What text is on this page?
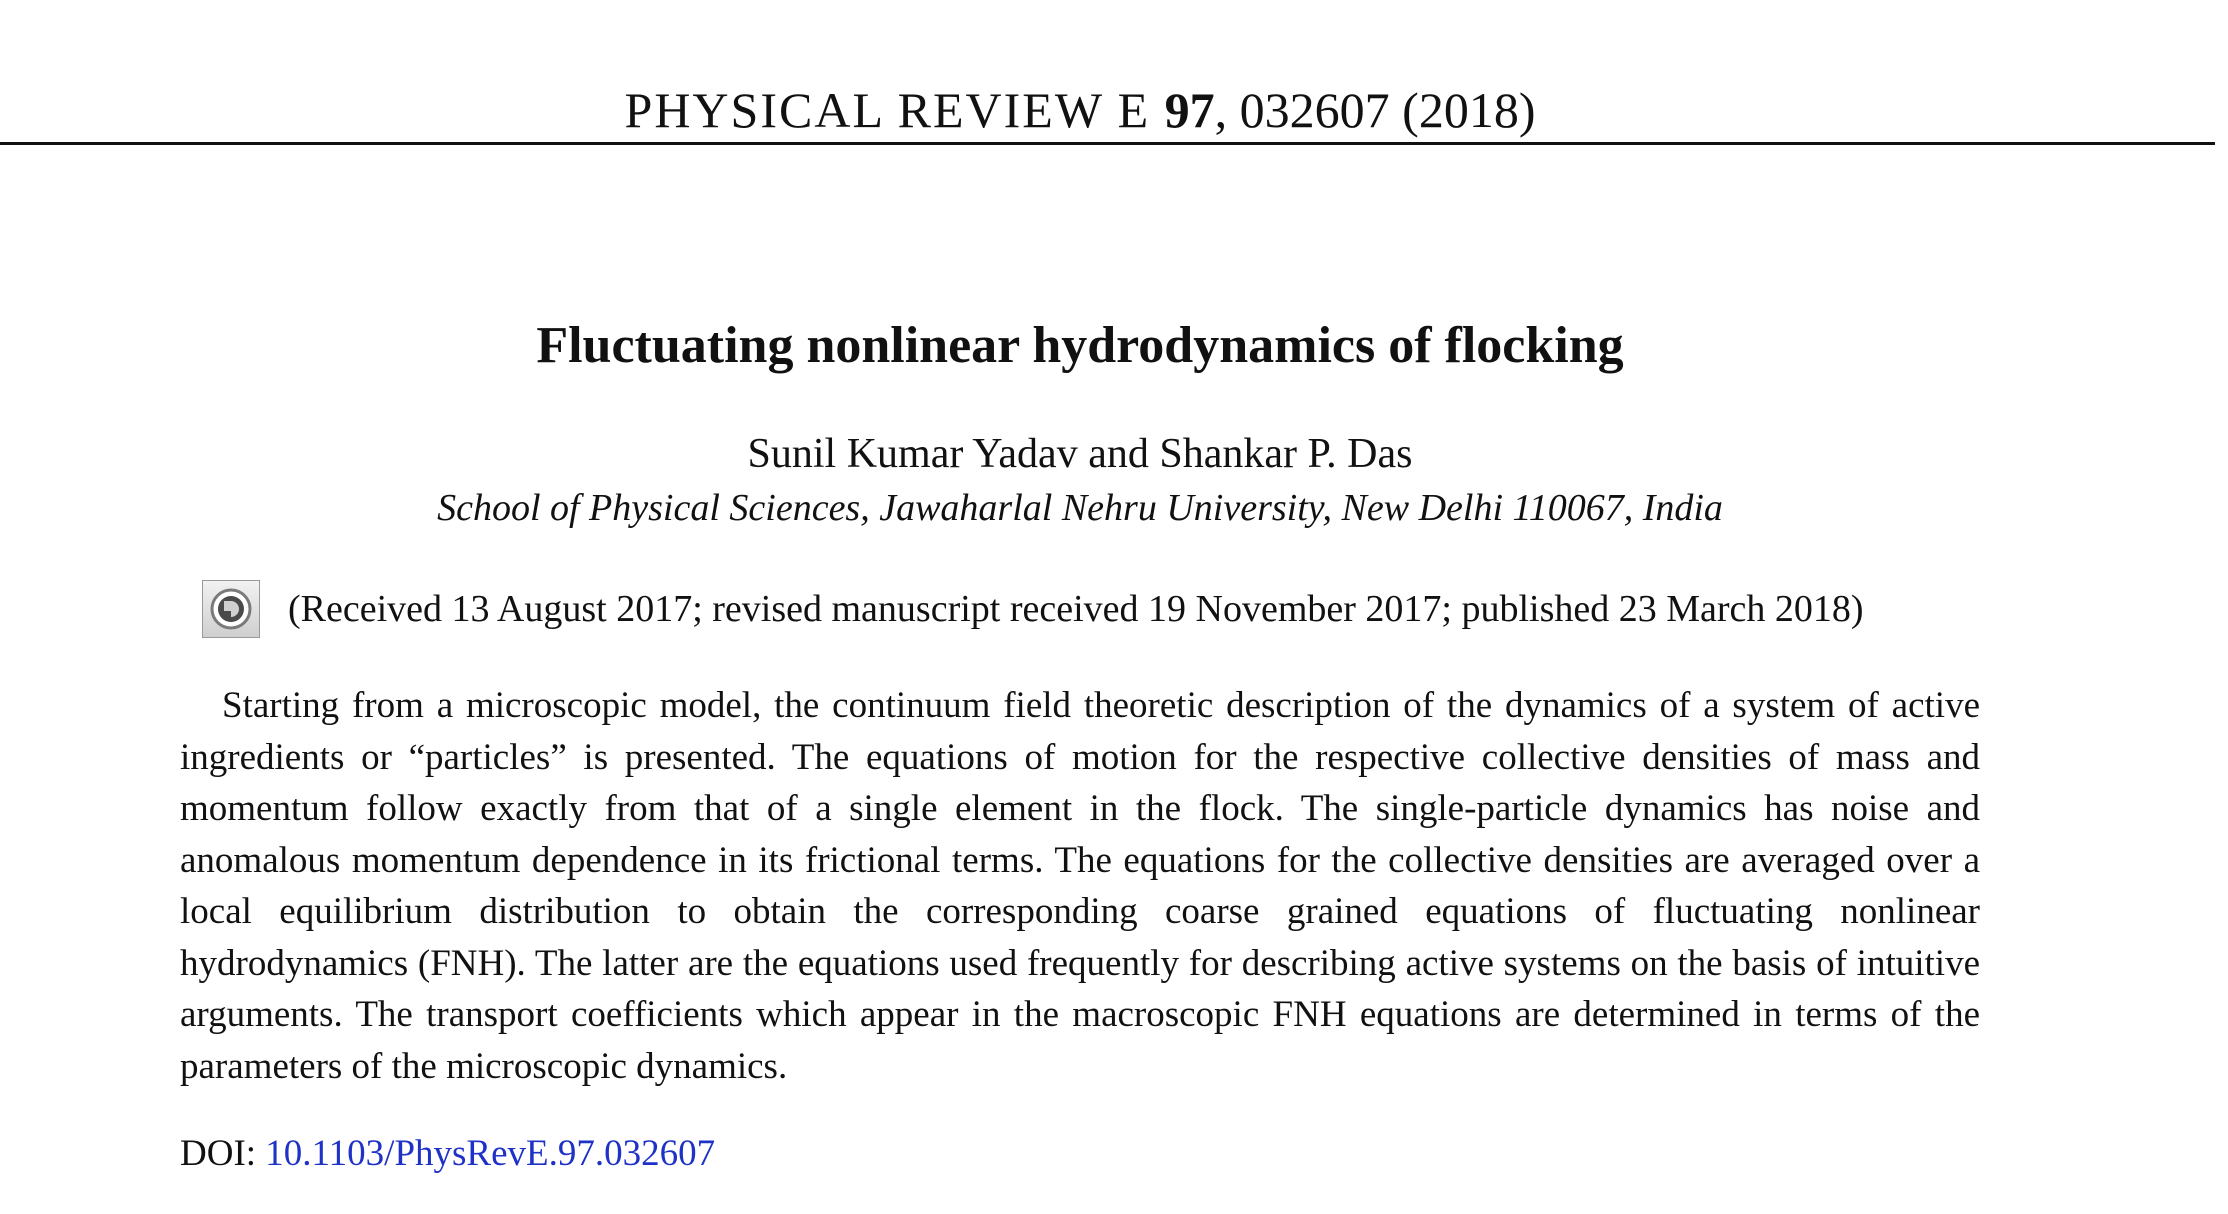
PHYSICAL REVIEW E 97, 032607 (2018)
Fluctuating nonlinear hydrodynamics of flocking
Sunil Kumar Yadav and Shankar P. Das
School of Physical Sciences, Jawaharlal Nehru University, New Delhi 110067, India
(Received 13 August 2017; revised manuscript received 19 November 2017; published 23 March 2018)

Starting from a microscopic model, the continuum field theoretic description of the dynamics of a system of active ingredients or “particles” is presented. The equations of motion for the respective collective densities of mass and momentum follow exactly from that of a single element in the flock. The single-particle dynamics has noise and anomalous momentum dependence in its frictional terms. The equations for the collective densities are averaged over a local equilibrium distribution to obtain the corresponding coarse grained equations of fluctuating nonlinear hydrodynamics (FNH). The latter are the equations used frequently for describing active systems on the basis of intuitive arguments. The transport coefficients which appear in the macroscopic FNH equations are determined in terms of the parameters of the microscopic dynamics.

DOI: 10.1103/PhysRevE.97.032607
